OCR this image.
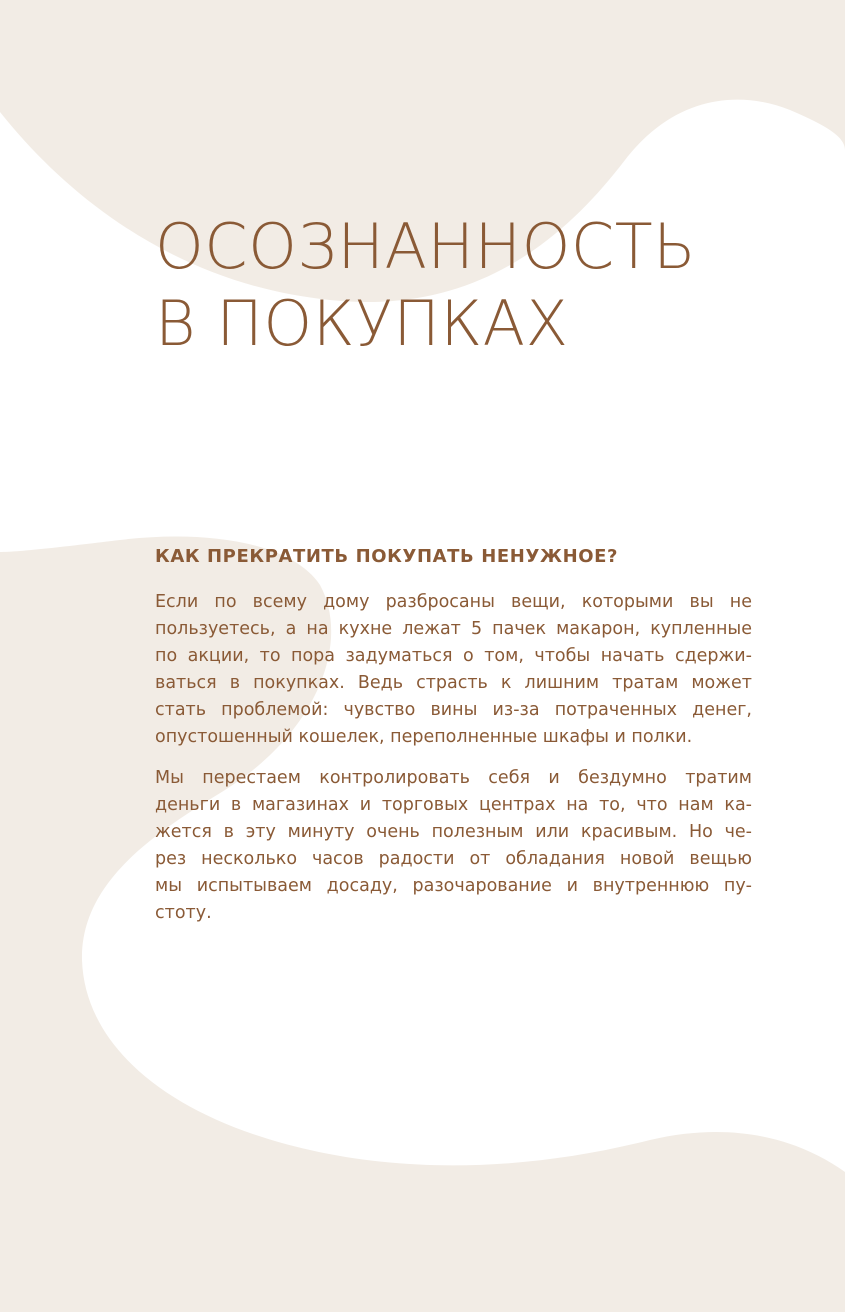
ОСОЗНАННОСТЬ
В ПОКУПКАХ
КАК ПРЕКРАТИТЬ ПОКУПАТЬ НЕНУЖНОЕ?

Если по всему дому разбросаны вещи, которыми вы не
пользуетесь, а на кухне лежат 5 пачек макарон, купленные
по акции, то пора задуматься о том, чтобы начать сдержи-
ваться в покупках. Ведь страсть к лишним тратам может
стать проблемой: чувство вины из-за потраченных денег,
опустошенный кошелек, переполненные шкафы и полки.

Мы перестаем контролировать себя и бездумно тратим
деньги в магазинах и торговых центрах на то, что нам ка-
жется в эту минуту очень полезным или красивым. Но че-
рез несколько часов радости от обладания новой вещью
мы испытываем досаду, разочарование и внутреннюю пу-
стоту.
